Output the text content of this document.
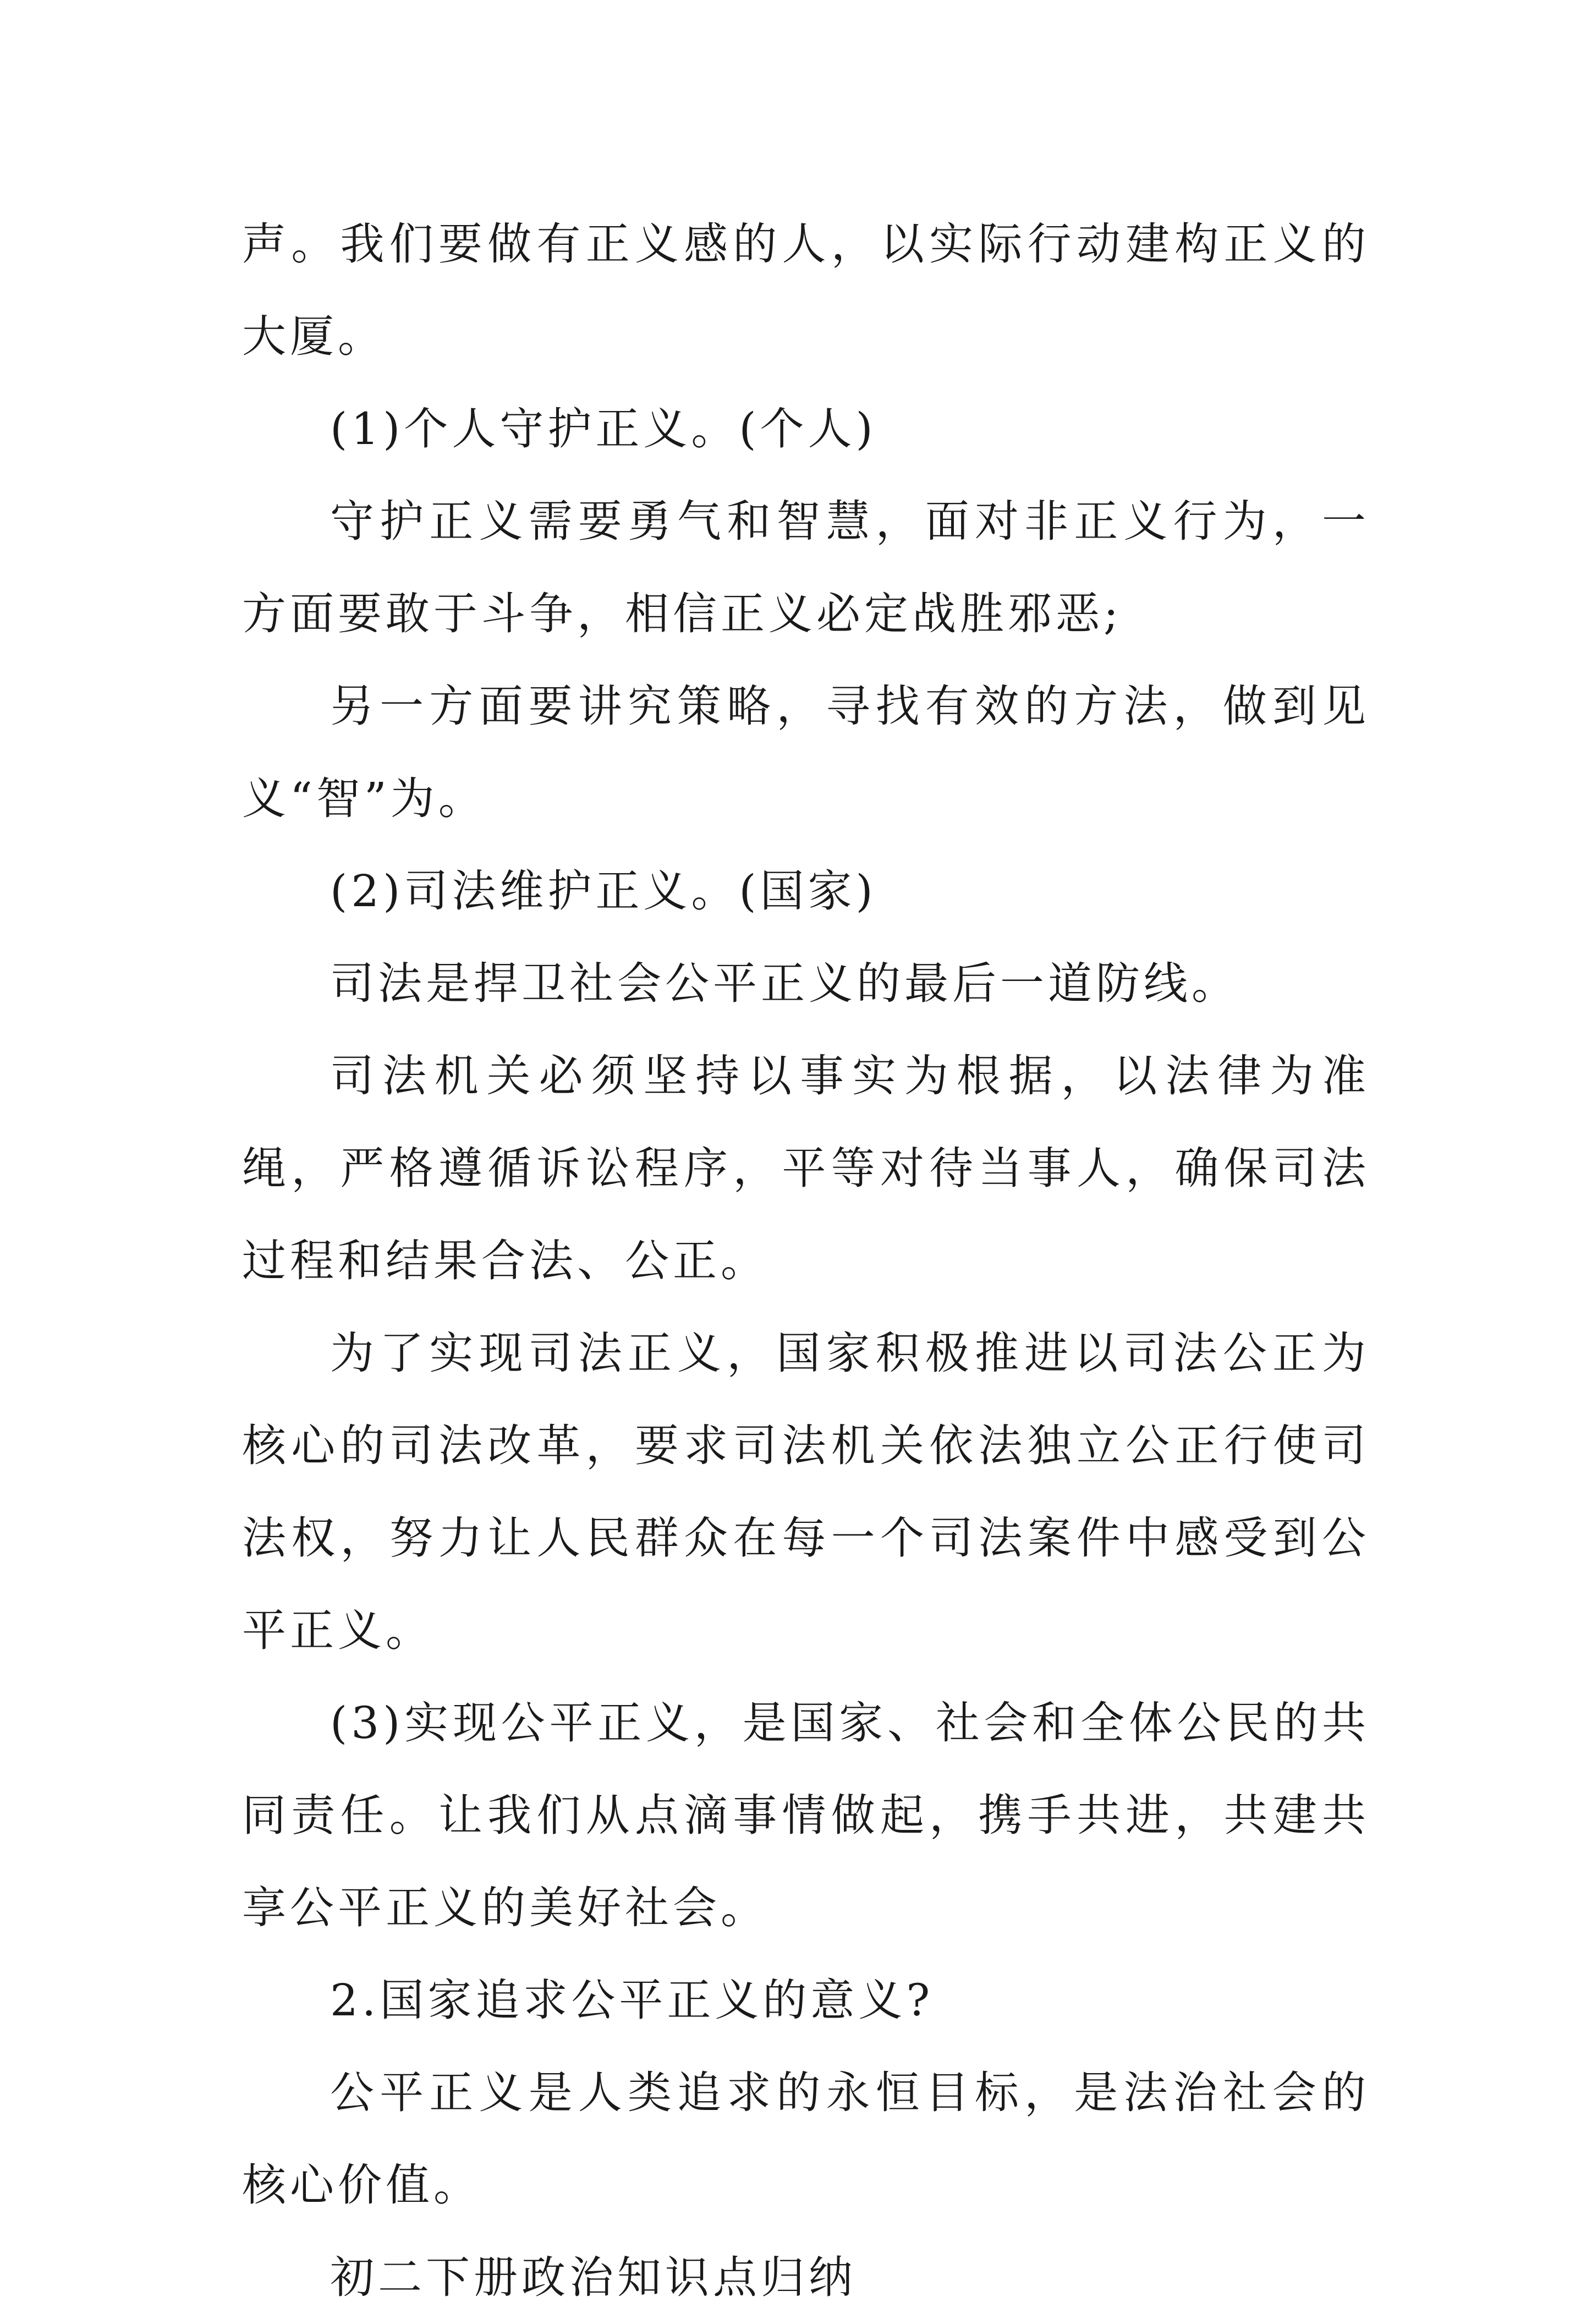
声。我们要做有正义感的人，以实际行动建构正义的大厦。

(1)个人守护正义。(个人)

守护正义需要勇气和智慧，面对非正义行为，一方面要敢于斗争，相信正义必定战胜邪恶;

另一方面要讲究策略，寻找有效的方法，做到见义“智”为。

(2)司法维护正义。(国家)

司法是捍卫社会公平正义的最后一道防线。

司法机关必须坚持以事实为根据，以法律为准绳，严格遵循诉讼程序，平等对待当事人，确保司法过程和结果合法、公正。

为了实现司法正义，国家积极推进以司法公正为核心的司法改革，要求司法机关依法独立公正行使司法权，努力让人民群众在每一个司法案件中感受到公平正义。

(3)实现公平正义，是国家、社会和全体公民的共同责任。让我们从点滴事情做起，携手共进，共建共享公平正义的美好社会。

2.国家追求公平正义的意义?

公平正义是人类追求的永恒目标，是法治社会的核心价值。

初二下册政治知识点归纳
